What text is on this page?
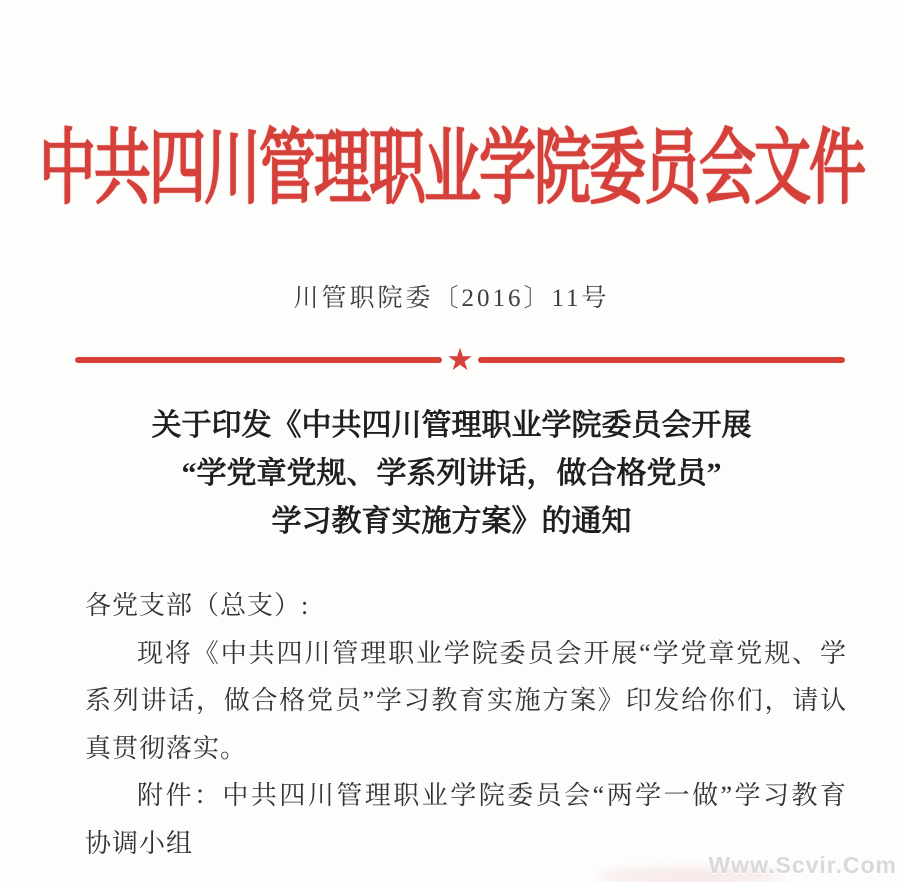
中共四川管理职业学院委员会文件
川管职院委〔2016〕11号
★
关于印发《中共四川管理职业学院委员会开展
“学党章党规、学系列讲话，做合格党员”
学习教育实施方案》的通知
各党支部（总支）:
现将《中共四川管理职业学院委员会开展“学党章党规、学
系列讲话，做合格党员”学习教育实施方案》印发给你们，请认
真贯彻落实。
附件：中共四川管理职业学院委员会“两学一做”学习教育
协调小组
Www.Scvir.Com
